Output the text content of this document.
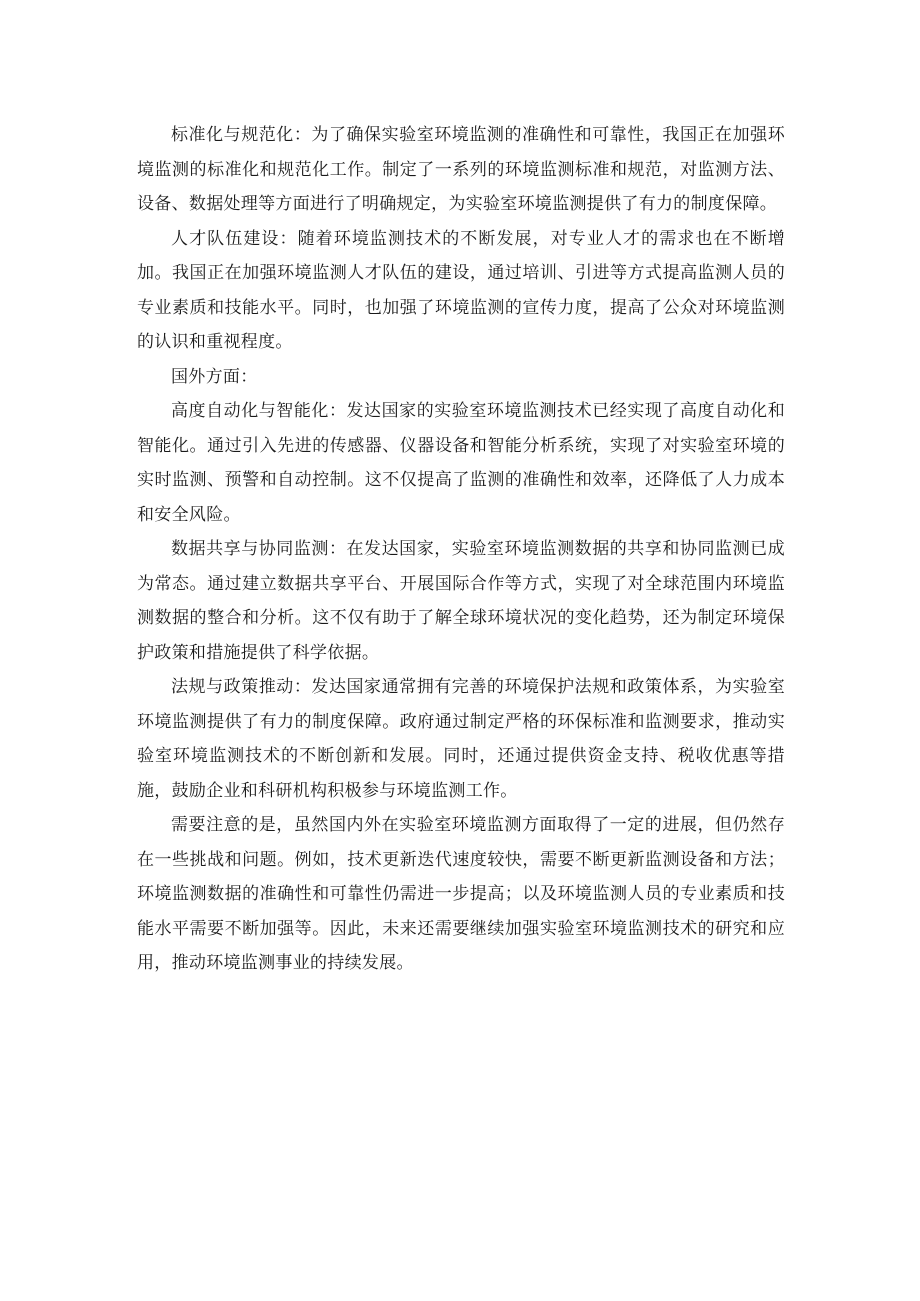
标准化与规范化：为了确保实验室环境监测的准确性和可靠性，我国正在加强环境监测的标准化和规范化工作。制定了一系列的环境监测标准和规范，对监测方法、设备、数据处理等方面进行了明确规定，为实验室环境监测提供了有力的制度保障。

人才队伍建设：随着环境监测技术的不断发展，对专业人才的需求也在不断增加。我国正在加强环境监测人才队伍的建设，通过培训、引进等方式提高监测人员的专业素质和技能水平。同时，也加强了环境监测的宣传力度，提高了公众对环境监测的认识和重视程度。

国外方面：

高度自动化与智能化：发达国家的实验室环境监测技术已经实现了高度自动化和智能化。通过引入先进的传感器、仪器设备和智能分析系统，实现了对实验室环境的实时监测、预警和自动控制。这不仅提高了监测的准确性和效率，还降低了人力成本和安全风险。

数据共享与协同监测：在发达国家，实验室环境监测数据的共享和协同监测已成为常态。通过建立数据共享平台、开展国际合作等方式，实现了对全球范围内环境监测数据的整合和分析。这不仅有助于了解全球环境状况的变化趋势，还为制定环境保护政策和措施提供了科学依据。

法规与政策推动：发达国家通常拥有完善的环境保护法规和政策体系，为实验室环境监测提供了有力的制度保障。政府通过制定严格的环保标准和监测要求，推动实验室环境监测技术的不断创新和发展。同时，还通过提供资金支持、税收优惠等措施，鼓励企业和科研机构积极参与环境监测工作。

需要注意的是，虽然国内外在实验室环境监测方面取得了一定的进展，但仍然存在一些挑战和问题。例如，技术更新迭代速度较快，需要不断更新监测设备和方法；环境监测数据的准确性和可靠性仍需进一步提高；以及环境监测人员的专业素质和技能水平需要不断加强等。因此，未来还需要继续加强实验室环境监测技术的研究和应用，推动环境监测事业的持续发展。
